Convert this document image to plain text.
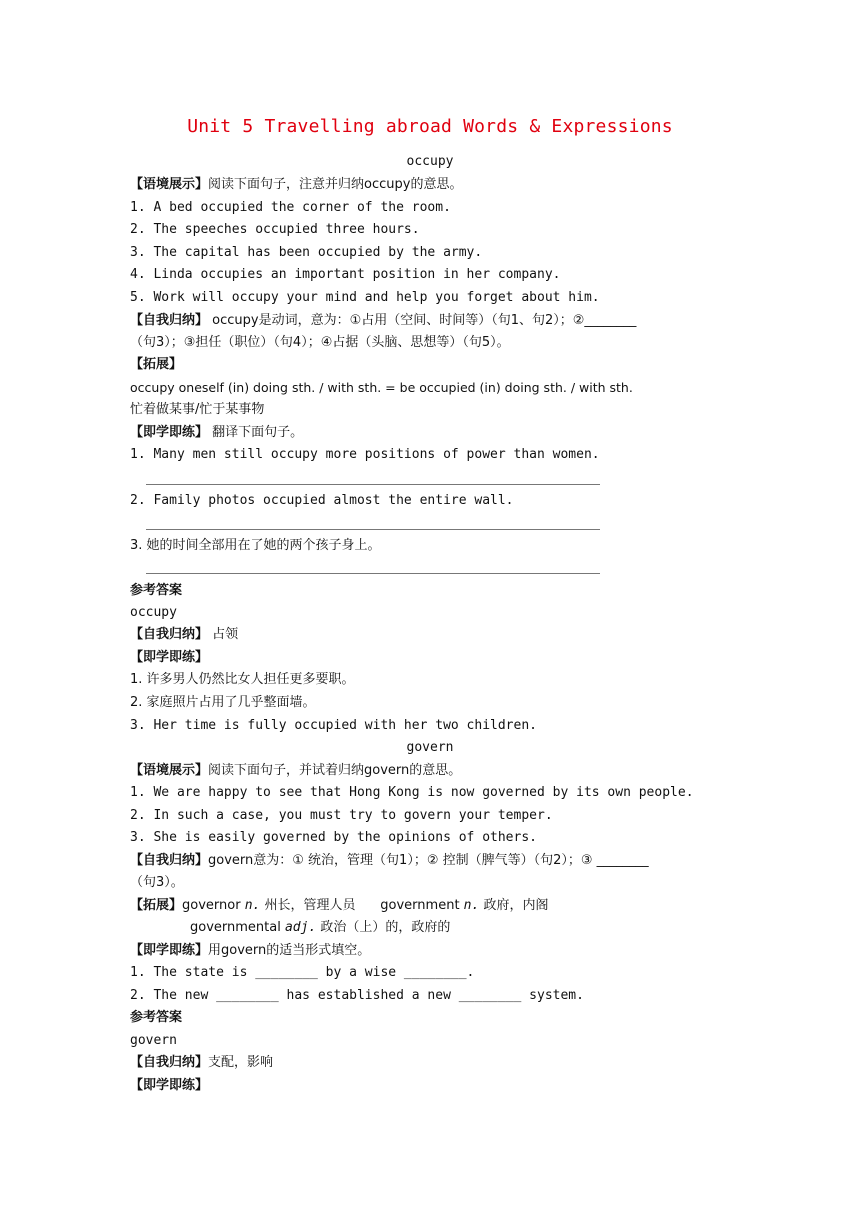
Unit 5 Travelling abroad Words & Expressions
occupy
【语境展示】阅读下面句子，注意并归纳occupy的意思。
1. A bed occupied the corner of the room.
2. The speeches occupied three hours.
3. The capital has been occupied by the army.
4. Linda occupies an important position in her company.
5. Work will occupy your mind and help you forget about him.
【自我归纳】 occupy是动词，意为：①占用（空间、时间等）（句1、句2）；②________
（句3）；③担任（职位）（句4）；④占据（头脑、思想等）（句5）。
【拓展】
occupy oneself (in) doing sth. / with sth. = be occupied (in) doing sth. / with sth.
忙着做某事/忙于某事物
【即学即练】 翻译下面句子。
1. Many men still occupy more positions of power than women.
2. Family photos occupied almost the entire wall.
3. 她的时间全部用在了她的两个孩子身上。
参考答案
occupy
【自我归纳】 占领
【即学即练】
1. 许多男人仍然比女人担任更多要职。
2. 家庭照片占用了几乎整面墙。
3. Her time is fully occupied with her two children.
govern
【语境展示】阅读下面句子，并试着归纳govern的意思。
1. We are happy to see that Hong Kong is now governed by its own people.
2. In such a case, you must try to govern your temper.
3. She is easily governed by the opinions of others.
【自我归纳】govern意为：① 统治，管理（句1）；② 控制（脾气等）（句2）；③ ________
（句3）。
【拓展】governor n. 州长，管理人员      government n. 政府，内阁
governmental adj. 政治（上）的，政府的
【即学即练】用govern的适当形式填空。
1. The state is ________ by a wise ________.
2. The new ________ has established a new ________ system.
参考答案
govern
【自我归纳】支配，影响
【即学即练】
